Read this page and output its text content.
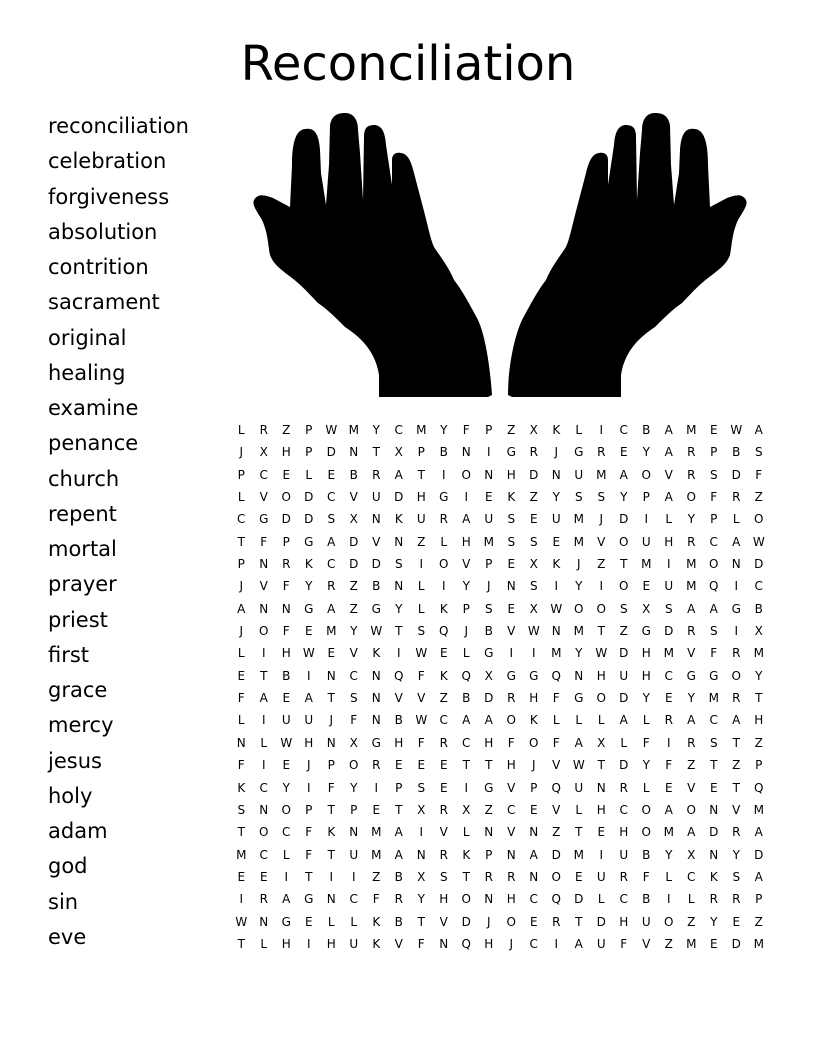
Reconciliation
reconciliation
celebration
forgiveness
absolution
contrition
sacrament
original
healing
examine
penance
church
repent
mortal
prayer
priest
first
grace
mercy
jesus
holy
adam
god
sin
eve
L	R	Z	P	W M	Y	C	M	Y	F	P	Z	X	K	L	I	C	B	A	M	E	W	A
J	X	H	P	D	N	T	X	P	B	N	I	G	R	J	G	R	E	Y	A	R	P	B	S
P	C	E	L	E	B	R	A	T	I	O	N	H	D	N	U	M	A	O	V	R	S	D	F
L	V	O	D	C	V	U	D	H	G	I	E	K	Z	Y	S	S	Y	P	A	O	F	R	Z
C	G	D	D	S	X	N	K	U	R	A	U	S	E	U	M	J	D	I	L	Y	P	L	O
T	F	P	G	A	D	V	N	Z	L	H	M	S	S	E	M	V	O	U	H	R	C	A	W
P	N	R	K	C	D	D	S	I	O	V	P	E	X	K	J	Z	T	M	I	M	O	N	D
J	V	F	Y	R	Z	B	N	L	I	Y	J	N	S	I	Y	I	O	E	U	M	Q	I	C
A	N	N	G	A	Z	G	Y	L	K	P	S	E	X	W O	O	S	X	S	A	A	G	B
J	O	F	E	M	Y	W	T	S	Q	J	B	V	W	N	M	T	Z	G	D	R	S	I	X
L	I	H	W	E	V	K	I	W	E	L	G	I	I	M	Y	W D	H	M	V	F	R	M
E	T	B	I	N	C	N	Q	F	K	Q	X	G	G	Q	N	H	U	H	C	G	G	O	Y
F	A	E	A	T	S	N	V	V	Z	B	D	R	H	F	G	O	D	Y	E	Y	M	R	T
L	I	U	U	J	F	N	B	W	C	A	A	O	K	L	L	L	A	L	R	A	C	A	H
N	L	W	H	N	X	G	H	F	R	C	H	F	O	F	A	X	L	F	I	R	S	T	Z
F	I	E	J	P	O	R	E	E	E	T	T	H	J	V	W	T	D	Y	F	Z	T	Z	P
K	C	Y	I	F	Y	I	P	S	E	I	G	V	P	Q	U	N	R	L	E	V	E	T	Q
S	N	O	P	T	P	E	T	X	R	X	Z	C	E	V	L	H	C	O	A	O	N	V	M
T	O	C	F	K	N	M	A	I	V	L	N	V	N	Z	T	E	H	O	M	A	D	R	A
M	C	L	F	T	U	M	A	N	R	K	P	N	A	D	M	I	U	B	Y	X	N	Y	D
E	E	I	T	I	I	Z	B	X	S	T	R	R	N	O	E	U	R	F	L	C	K	S	A
I	R	A	G	N	C	F	R	Y	H	O	N	H	C	Q	D	L	C	B	I	L	R	R	P
W	N	G	E	L	L	K	B	T	V	D	J	O	E	R	T	D	H	U	O	Z	Y	E	Z
T	L	H	I	H	U	K	V	F	N	Q	H	J	C	I	A	U	F	V	Z	M	E	D	M
